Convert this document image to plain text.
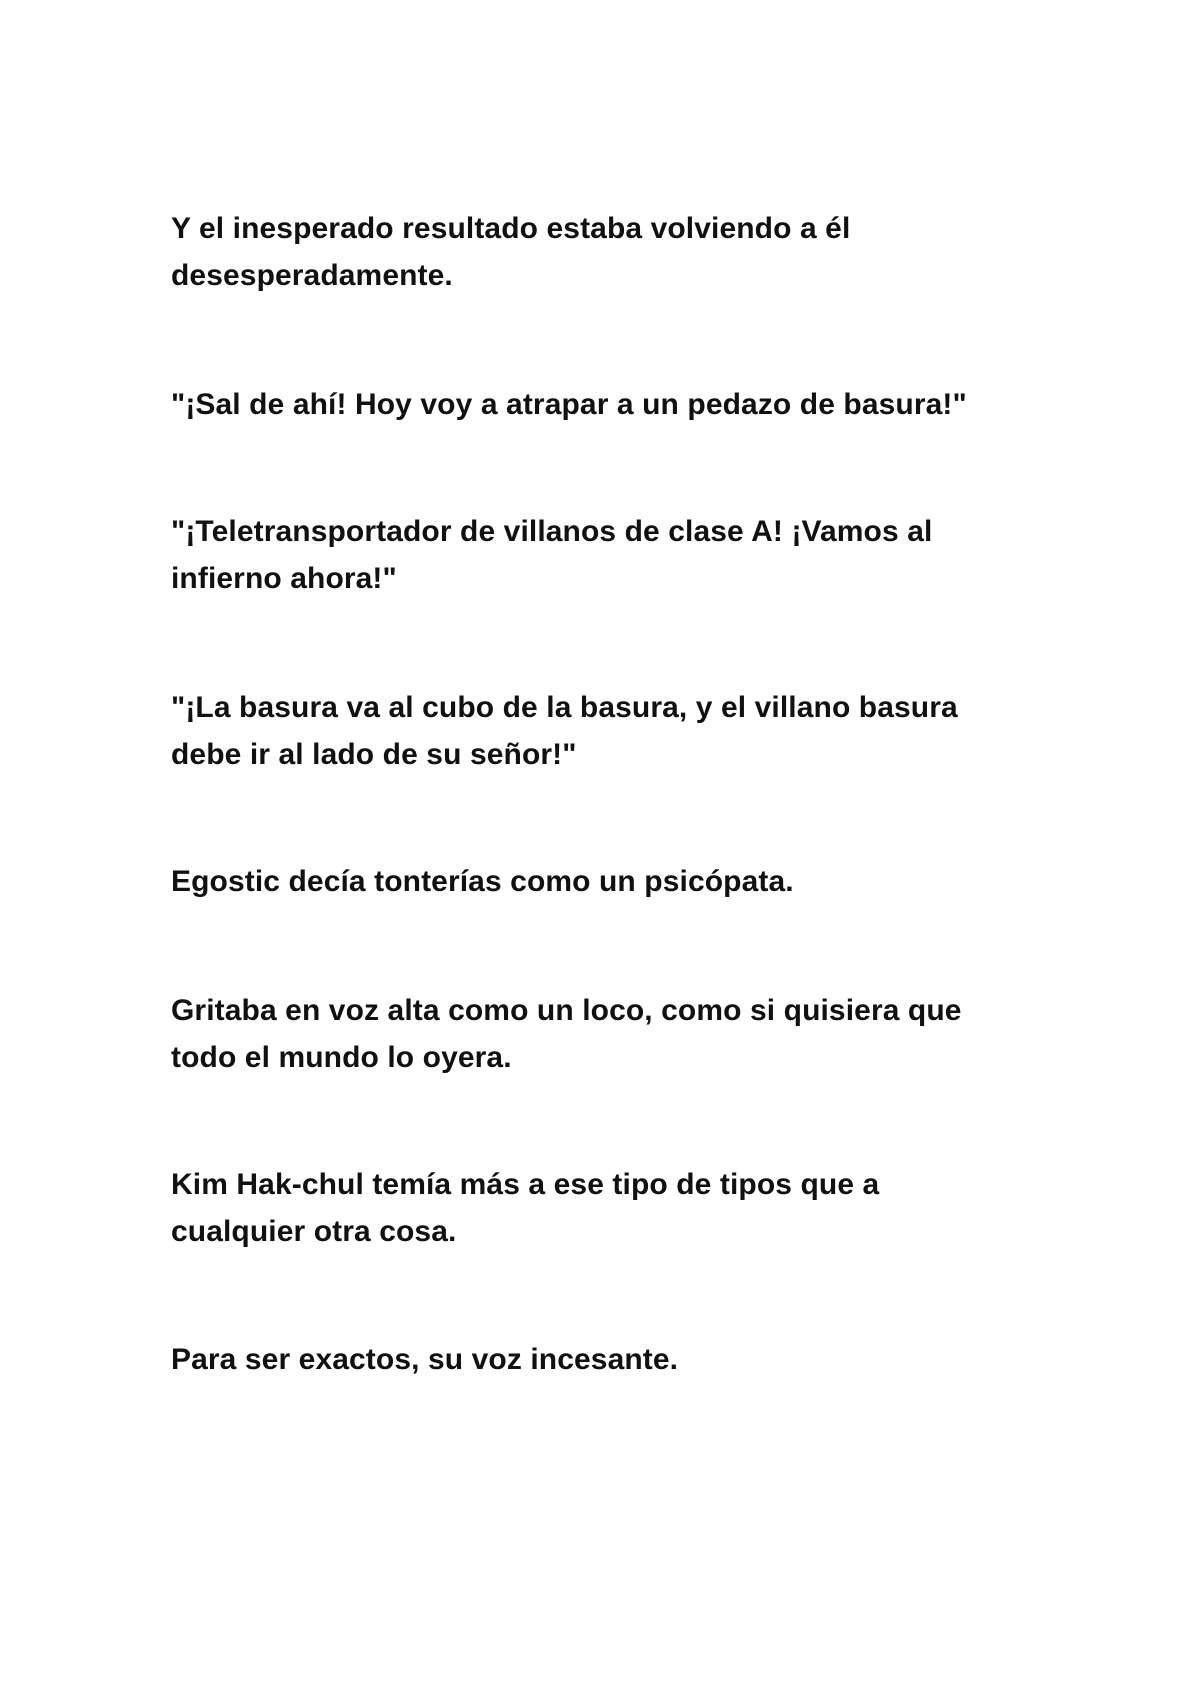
Y el inesperado resultado estaba volviendo a él
desesperadamente.

"¡Sal de ahí! Hoy voy a atrapar a un pedazo de basura!"

"¡Teletransportador de villanos de clase A! ¡Vamos al
infierno ahora!"

"¡La basura va al cubo de la basura, y el villano basura
debe ir al lado de su señor!"

Egostic decía tonterías como un psicópata.

Gritaba en voz alta como un loco, como si quisiera que
todo el mundo lo oyera.

Kim Hak-chul temía más a ese tipo de tipos que a
cualquier otra cosa.

Para ser exactos, su voz incesante.
